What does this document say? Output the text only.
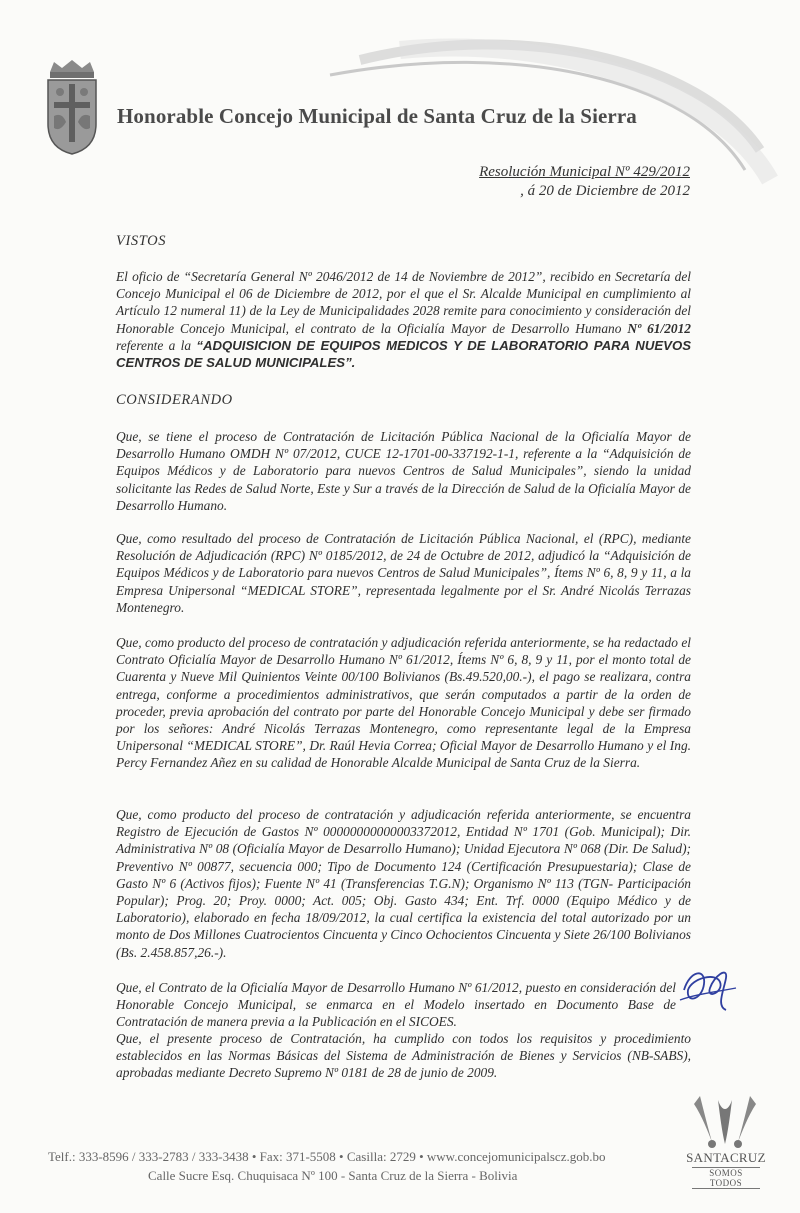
Honorable Concejo Municipal de Santa Cruz de la Sierra
Resolución Municipal Nº 429/2012
, á 20 de Diciembre de 2012
VISTOS
El oficio de “Secretaría General Nº 2046/2012 de 14 de Noviembre de 2012”, recibido en Secretaría del Concejo Municipal el 06 de Diciembre de 2012, por el que el Sr. Alcalde Municipal en cumplimiento al Artículo 12 numeral 11) de la Ley de Municipalidades 2028 remite para conocimiento y consideración del Honorable Concejo Municipal, el contrato de la Oficialía Mayor de Desarrollo Humano Nº 61/2012 referente a la “ADQUISICION DE EQUIPOS MEDICOS Y DE LABORATORIO PARA NUEVOS CENTROS DE SALUD MUNICIPALES”.
CONSIDERANDO
Que, se tiene el proceso de Contratación de Licitación Pública Nacional de la Oficialía Mayor de Desarrollo Humano OMDH Nº 07/2012, CUCE 12-1701-00-337192-1-1, referente a la “Adquisición de Equipos Médicos y de Laboratorio para nuevos Centros de Salud Municipales”, siendo la unidad solicitante las Redes de Salud Norte, Este y Sur a través de la Dirección de Salud de la Oficialía Mayor de Desarrollo Humano.
Que, como resultado del proceso de Contratación de Licitación Pública Nacional, el (RPC), mediante Resolución de Adjudicación (RPC) Nº 0185/2012, de 24 de Octubre de 2012, adjudicó la “Adquisición de Equipos Médicos y de Laboratorio para nuevos Centros de Salud Municipales”, Ítems Nº 6, 8, 9 y 11, a la Empresa Unipersonal “MEDICAL STORE”, representada legalmente por el Sr. André Nicolás Terrazas Montenegro.
Que, como producto del proceso de contratación y adjudicación referida anteriormente, se ha redactado el Contrato Oficialía Mayor de Desarrollo Humano Nº 61/2012, Ítems Nº 6, 8, 9 y 11, por el monto total de Cuarenta y Nueve Mil Quinientos Veinte 00/100 Bolivianos (Bs.49.520,00.-), el pago se realizara, contra entrega, conforme a procedimientos administrativos, que serán computados a partir de la orden de proceder, previa aprobación del contrato por parte del Honorable Concejo Municipal y debe ser firmado por los señores: André Nicolás Terrazas Montenegro, como representante legal de la Empresa Unipersonal “MEDICAL STORE”, Dr. Raúl Hevia Correa; Oficial Mayor de Desarrollo Humano y el Ing. Percy Fernandez Añez en su calidad de Honorable Alcalde Municipal de Santa Cruz de la Sierra.
Que, como producto del proceso de contratación y adjudicación referida anteriormente, se encuentra Registro de Ejecución de Gastos Nº 00000000000003372012, Entidad Nº 1701 (Gob. Municipal); Dir. Administrativa Nº 08 (Oficialía Mayor de Desarrollo Humano); Unidad Ejecutora Nº 068 (Dir. De Salud); Preventivo Nº 00877, secuencia 000; Tipo de Documento 124 (Certificación Presupuestaria); Clase de Gasto Nº 6 (Activos fijos); Fuente Nº 41 (Transferencias T.G.N); Organismo Nº 113 (TGN- Participación Popular); Prog. 20; Proy. 0000; Act. 005; Obj. Gasto 434; Ent. Trf. 0000 (Equipo Médico y de Laboratorio), elaborado en fecha 18/09/2012, la cual certifica la existencia del total autorizado por un monto de Dos Millones Cuatrocientos Cincuenta y Cinco Ochocientos Cincuenta y Siete 26/100 Bolivianos (Bs. 2.458.857,26.-).
Que, el Contrato de la Oficialía Mayor de Desarrollo Humano Nº 61/2012, puesto en consideración del Honorable Concejo Municipal, se enmarca en el Modelo insertado en Documento Base de Contratación de manera previa a la Publicación en el SICOES.
Que, el presente proceso de Contratación, ha cumplido con todos los requisitos y procedimiento establecidos en las Normas Básicas del Sistema de Administración de Bienes y Servicios (NB-SABS), aprobadas mediante Decreto Supremo Nº 0181 de 28 de junio de 2009.
SANTACRUZ
SOMOS TODOS
Telf.: 333-8596 / 333-2783 / 333-3438 • Fax: 371-5508 • Casilla: 2729 • www.concejomunicipalscz.gob.bo
Calle Sucre Esq. Chuquisaca Nº 100 - Santa Cruz de la Sierra - Bolivia
